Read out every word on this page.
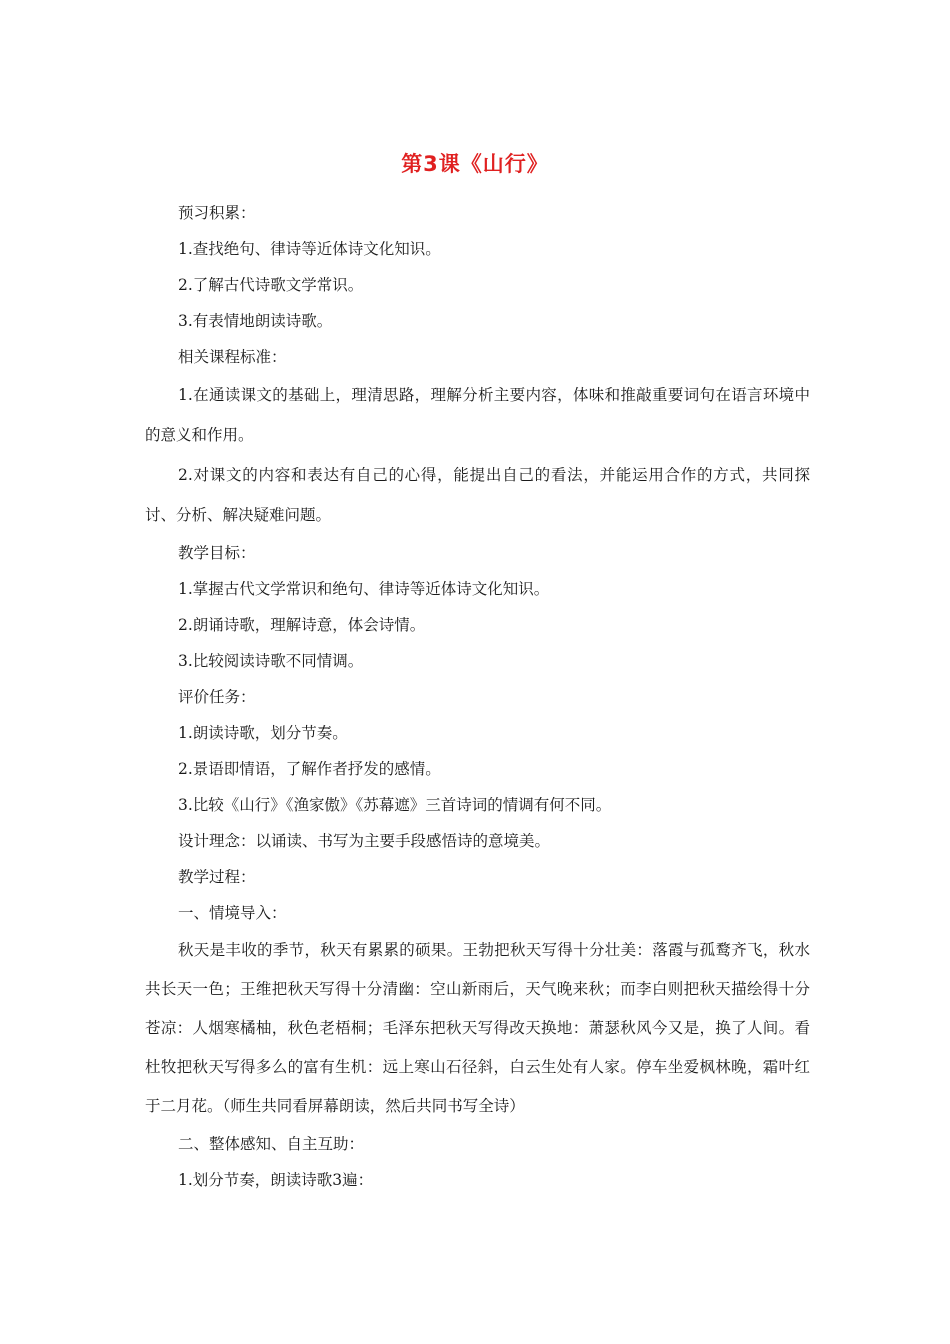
第3课《山行》

预习积累：

1.查找绝句、律诗等近体诗文化知识。

2.了解古代诗歌文学常识。

3.有表情地朗读诗歌。

相关课程标准：

1.在通读课文的基础上，理清思路，理解分析主要内容，体味和推敲重要词句在语言环境中的意义和作用。

2.对课文的内容和表达有自己的心得，能提出自己的看法，并能运用合作的方式，共同探讨、分析、解决疑难问题。

教学目标：

1.掌握古代文学常识和绝句、律诗等近体诗文化知识。

2.朗诵诗歌，理解诗意，体会诗情。

3.比较阅读诗歌不同情调。

评价任务：

1.朗读诗歌，划分节奏。

2.景语即情语，了解作者抒发的感情。

3.比较《山行》《渔家傲》《苏幕遮》三首诗词的情调有何不同。

设计理念：以诵读、书写为主要手段感悟诗的意境美。

教学过程：

一、情境导入：

秋天是丰收的季节，秋天有累累的硕果。王勃把秋天写得十分壮美：落霞与孤鹜齐飞，秋水共长天一色；王维把秋天写得十分清幽：空山新雨后，天气晚来秋；而李白则把秋天描绘得十分苍凉：人烟寒橘柚，秋色老梧桐；毛泽东把秋天写得改天换地：萧瑟秋风今又是，换了人间。看杜牧把秋天写得多么的富有生机：远上寒山石径斜，白云生处有人家。停车坐爱枫林晚，霜叶红于二月花。（师生共同看屏幕朗读，然后共同书写全诗）

二、整体感知、自主互助：

1.划分节奏，朗读诗歌3遍：
